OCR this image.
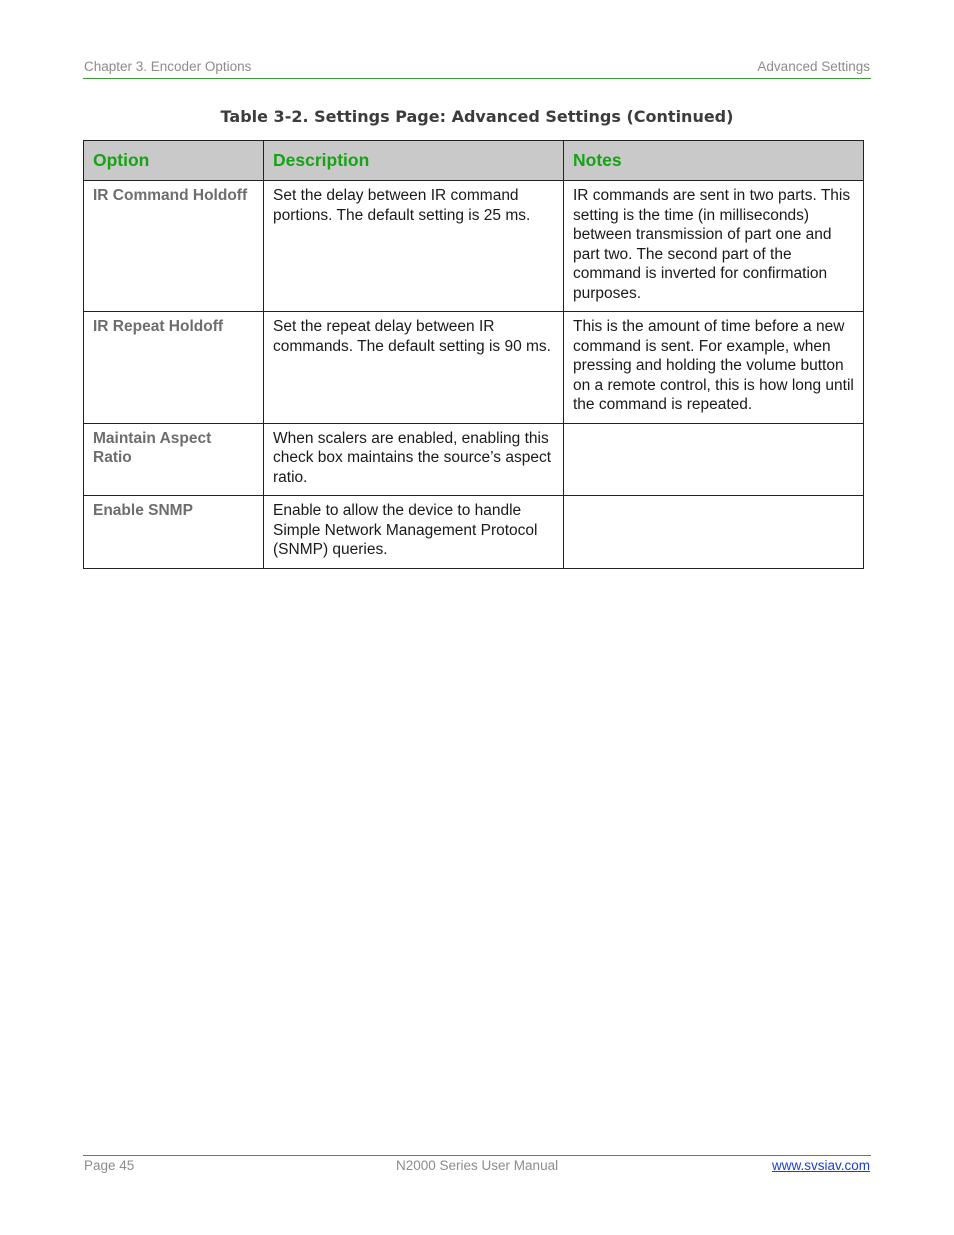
Chapter 3. Encoder Options	Advanced Settings
Table 3-2. Settings Page: Advanced Settings (Continued)
Option	Description	Notes
IR Command Holdoff	Set the delay between IR command portions. The default setting is 25 ms.	IR commands are sent in two parts. This setting is the time (in milliseconds) between transmission of part one and part two. The second part of the command is inverted for confirmation purposes.
IR Repeat Holdoff	Set the repeat delay between IR commands. The default setting is 90 ms.	This is the amount of time before a new command is sent. For example, when pressing and holding the volume button on a remote control, this is how long until the command is repeated.
Maintain Aspect Ratio	When scalers are enabled, enabling this check box maintains the source’s aspect ratio.	
Enable SNMP	Enable to allow the device to handle Simple Network Management Protocol (SNMP) queries.	
Page 45	N2000 Series User Manual	www.svsiav.com
